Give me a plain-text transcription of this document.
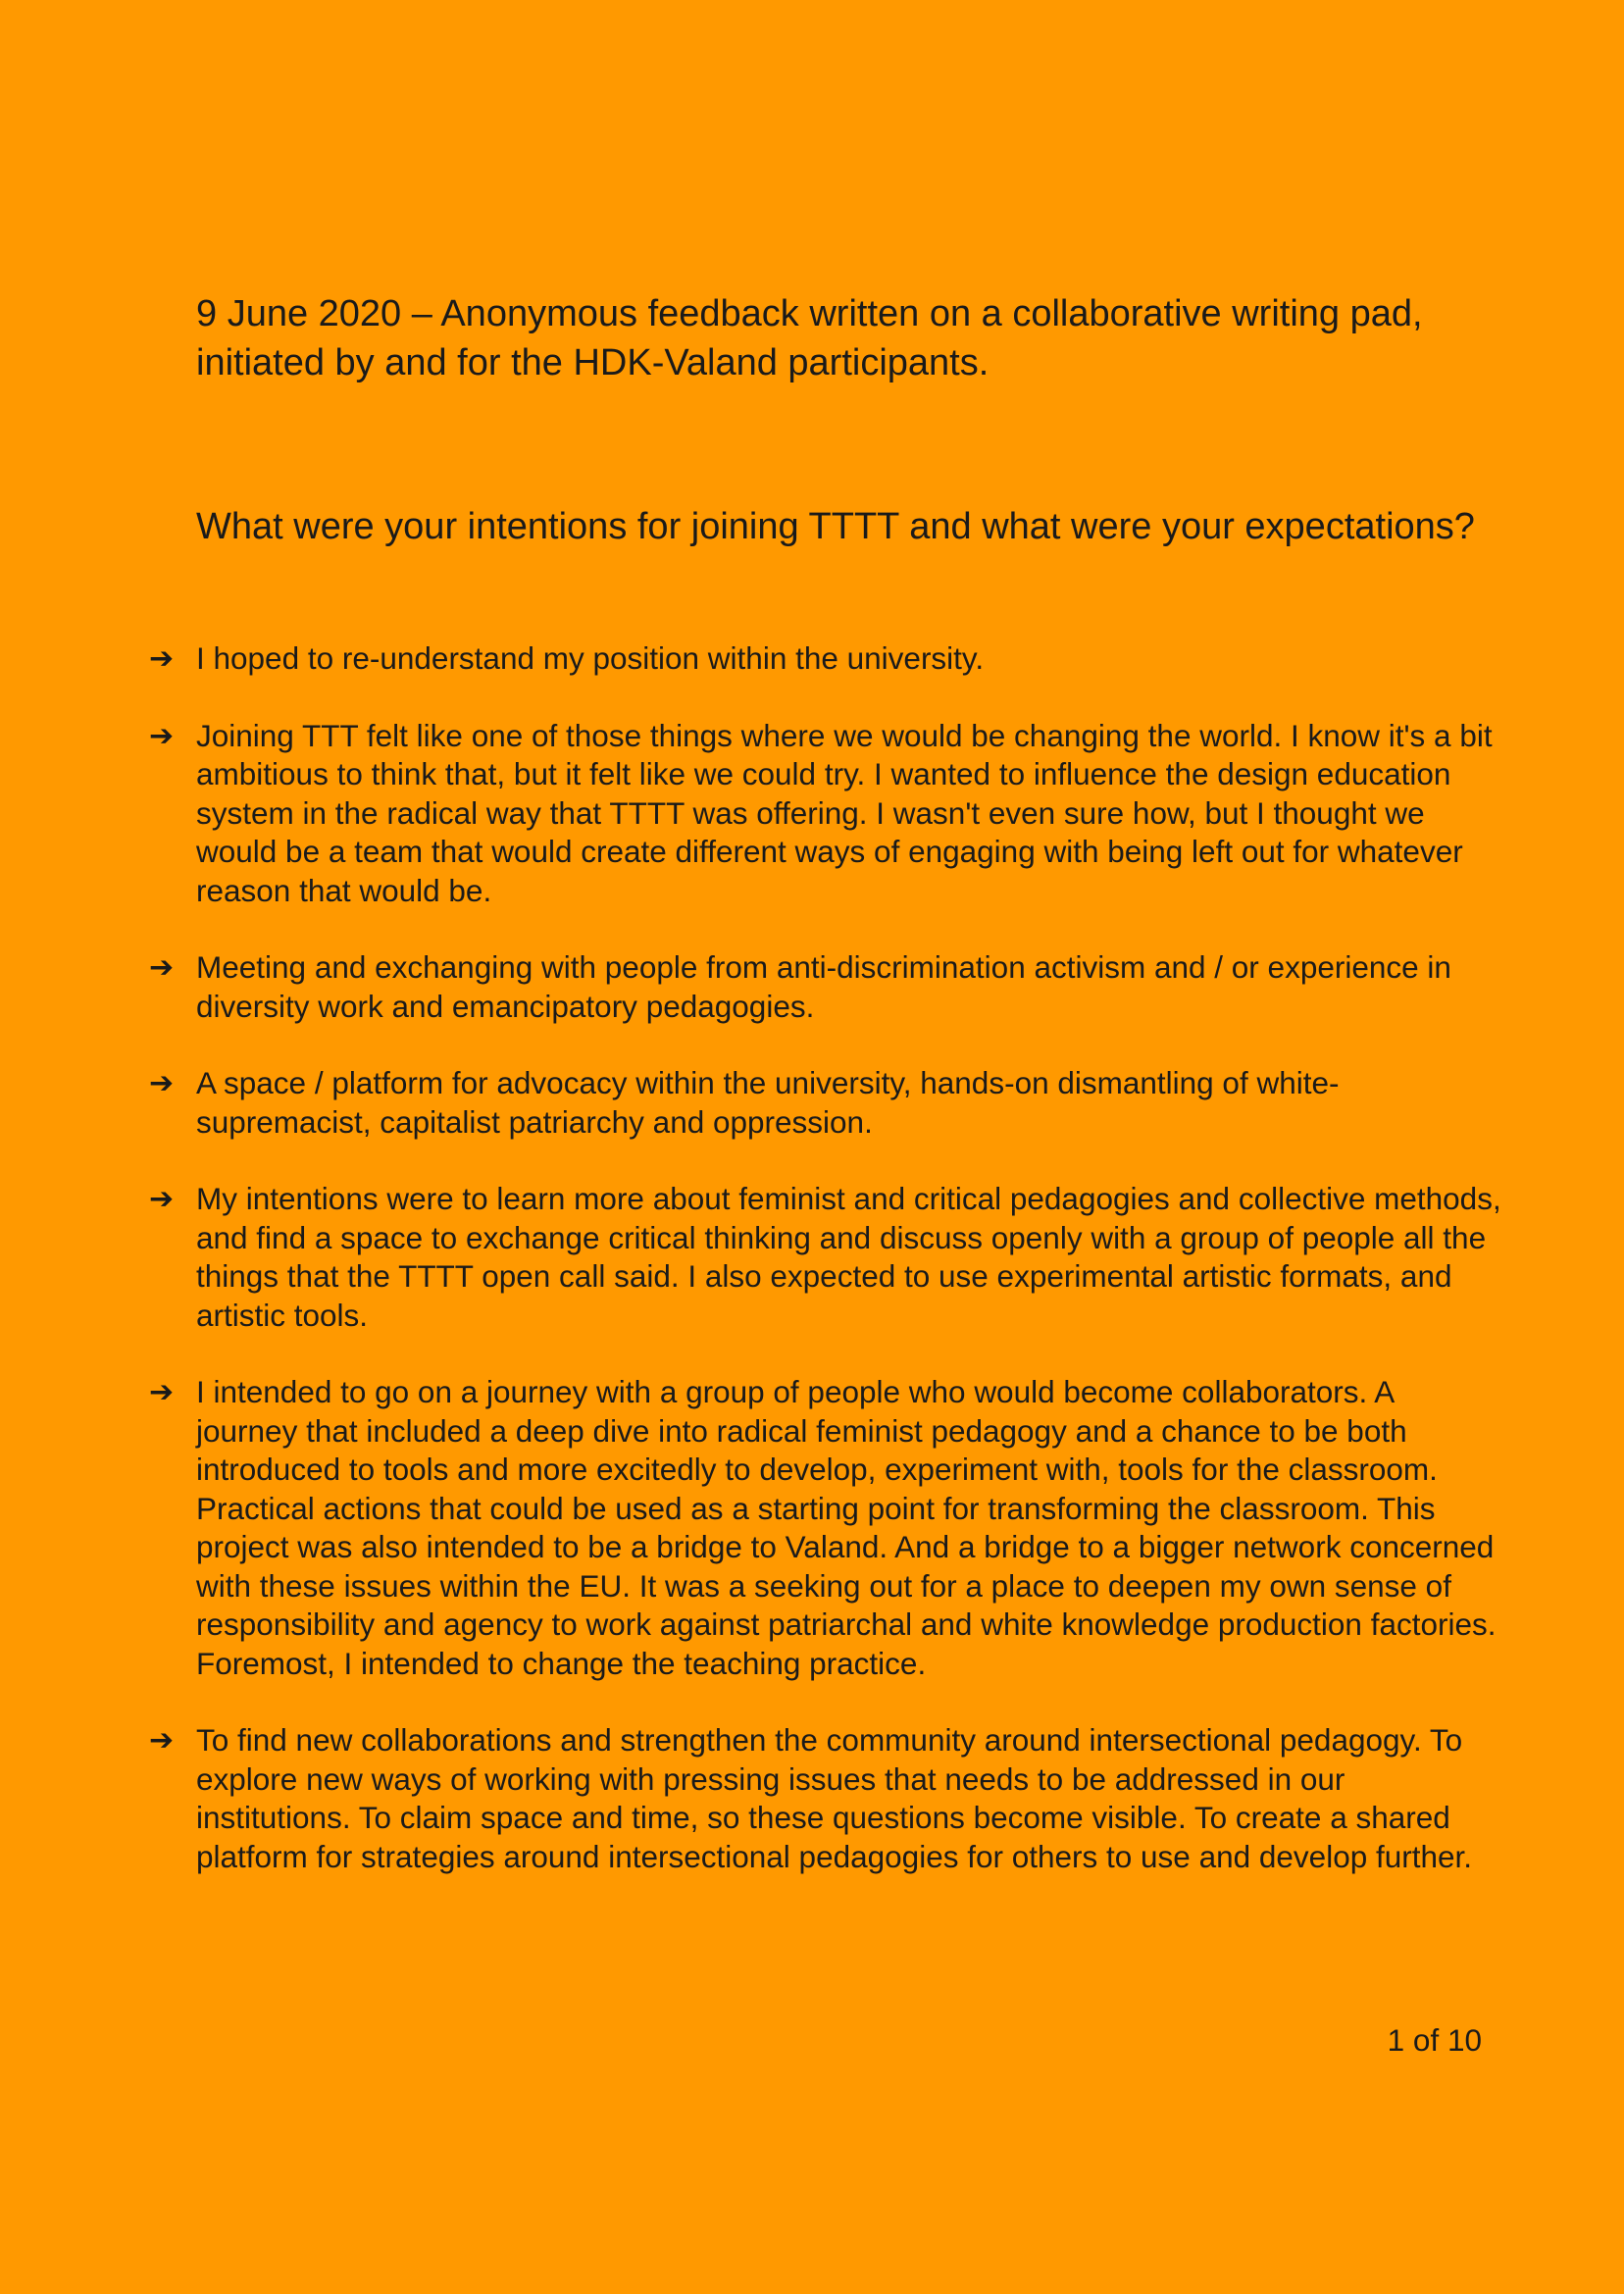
9 June 2020 – Anonymous feedback written on a collaborative writing pad, initiated by and for the HDK-Valand participants.
What were your intentions for joining TTTT and what were your expectations?
➔ I hoped to re-understand my position within the university.
➔ Joining TTT felt like one of those things where we would be changing the world. I know it's a bit ambitious to think that, but it felt like we could try. I wanted to influence the design education system in the radical way that TTTT was offering. I wasn't even sure how, but I thought we would be a team that would create different ways of engaging with being left out for whatever reason that would be.
➔ Meeting and exchanging with people from anti-discrimination activism and / or experience in diversity work and emancipatory pedagogies.
➔ A space / platform for advocacy within the university, hands-on dismantling of white-supremacist, capitalist patriarchy and oppression.
➔ My intentions were to learn more about feminist and critical pedagogies and collective methods, and find a space to exchange critical thinking and discuss openly with a group of people all the things that the TTTT open call said. I also expected to use experimental artistic formats, and artistic tools.
➔ I intended to go on a journey with a group of people who would become collaborators. A journey that included a deep dive into radical feminist pedagogy and a chance to be both introduced to tools and more excitedly to develop, experiment with, tools for the classroom. Practical actions that could be used as a starting point for transforming the classroom. This project was also intended to be a bridge to Valand. And a bridge to a bigger network concerned with these issues within the EU. It was a seeking out for a place to deepen my own sense of responsibility and agency to work against patriarchal and white knowledge production factories. Foremost, I intended to change the teaching practice.
➔ To find new collaborations and strengthen the community around intersectional pedagogy. To explore new ways of working with pressing issues that needs to be addressed in our institutions. To claim space and time, so these questions become visible. To create a shared platform for strategies around intersectional pedagogies for others to use and develop further.
1 of 10
